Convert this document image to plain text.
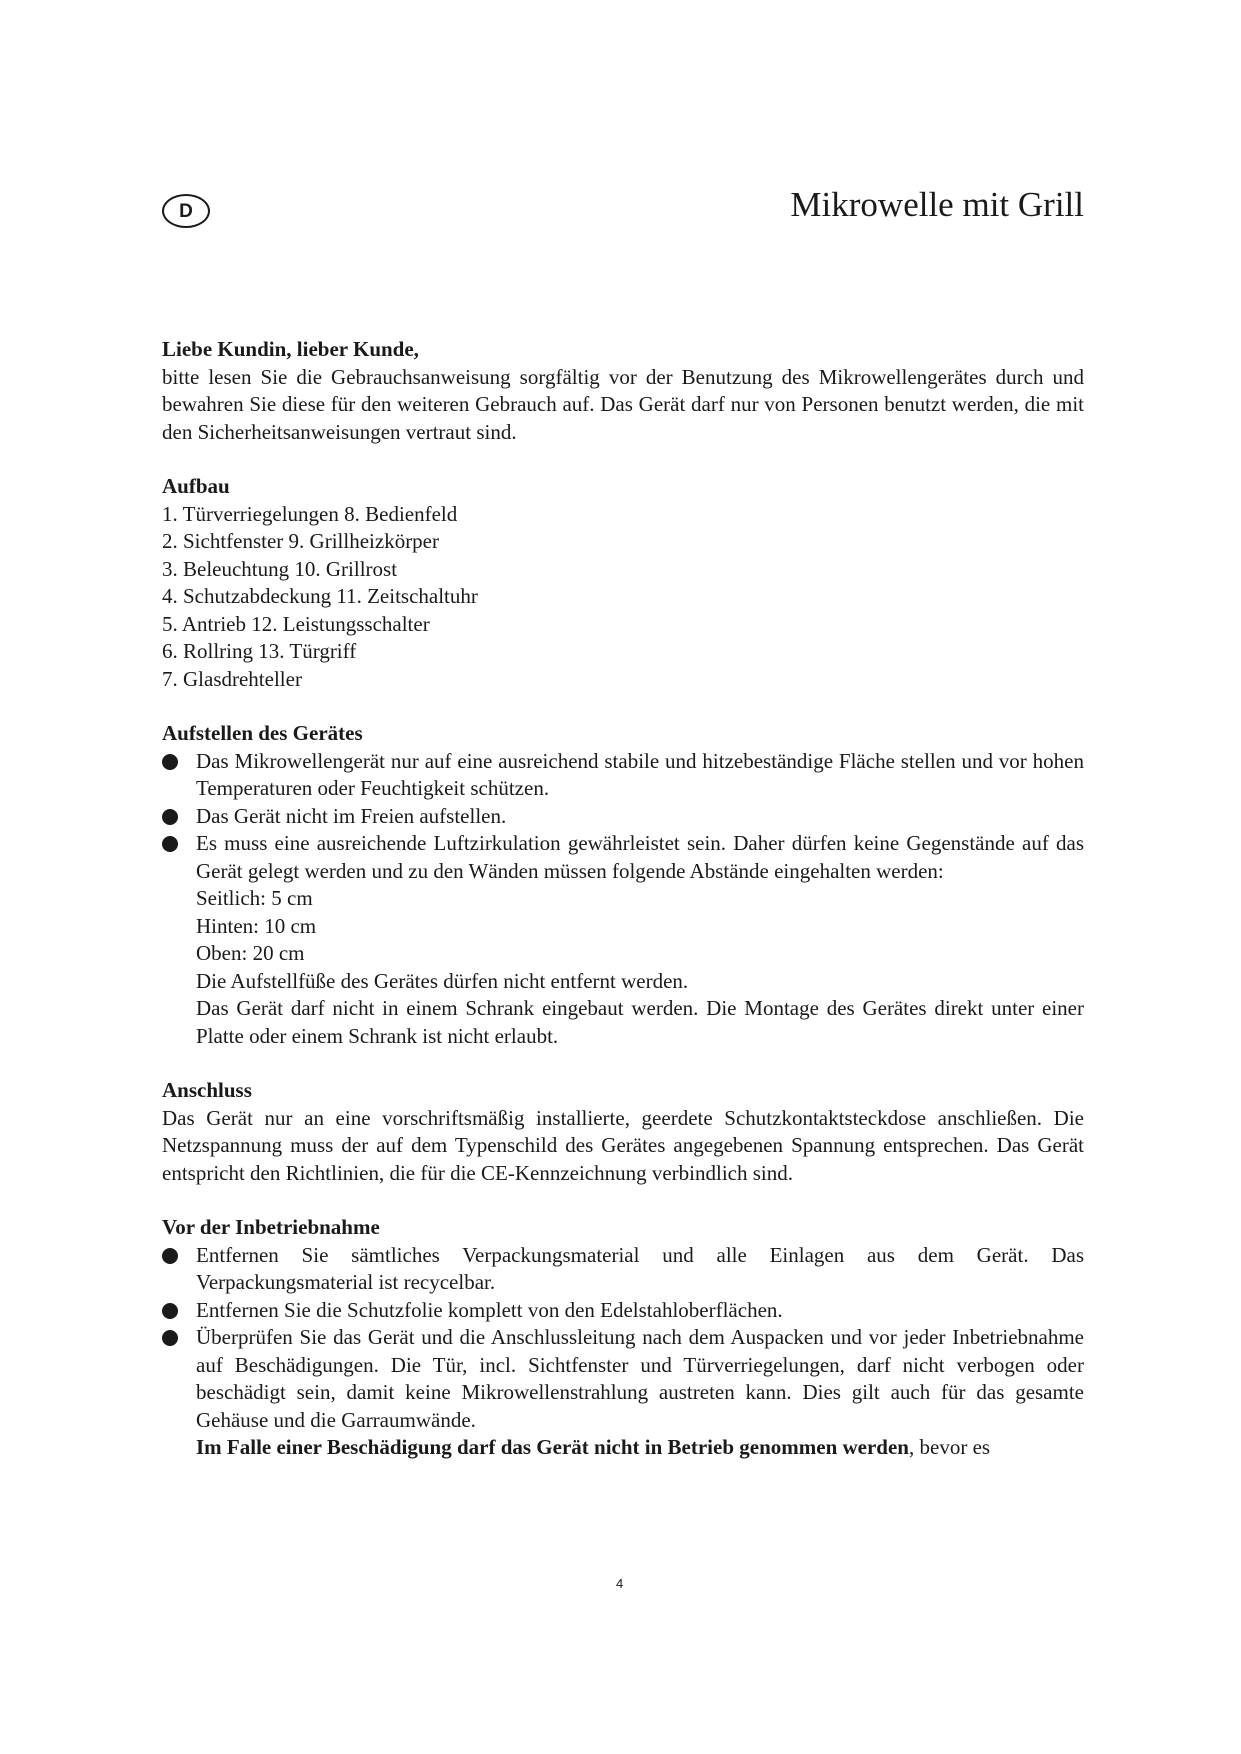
D	Mikrowelle mit Grill

Liebe Kundin, lieber Kunde,

bitte lesen Sie die Gebrauchsanweisung sorgfältig vor der Benutzung des Mikrowellengerätes durch und bewahren Sie diese für den weiteren Gebrauch auf. Das Gerät darf nur von Personen benutzt werden, die mit den Sicherheitsanweisungen vertraut sind.

Aufbau

1. Türverriegelungen 8. Bedienfeld
2. Sichtfenster 9. Grillheizkörper
3. Beleuchtung 10. Grillrost
4. Schutzabdeckung 11. Zeitschaltuhr
5. Antrieb 12. Leistungsschalter
6. Rollring 13. Türgriff
7. Glasdrehteller

Aufstellen des Gerätes

Das Mikrowellengerät nur auf eine ausreichend stabile und hitzebeständige Fläche stellen und vor hohen Temperaturen oder Feuchtigkeit schützen.
Das Gerät nicht im Freien aufstellen.
Es muss eine ausreichende Luftzirkulation gewährleistet sein. Daher dürfen keine Gegenstände auf das Gerät gelegt werden und zu den Wänden müssen folgende Abstände eingehalten werden:
Seitlich: 5 cm
Hinten: 10 cm
Oben: 20 cm
Die Aufstellfüße des Gerätes dürfen nicht entfernt werden.
Das Gerät darf nicht in einem Schrank eingebaut werden. Die Montage des Gerätes direkt unter einer Platte oder einem Schrank ist nicht erlaubt.

Anschluss

Das Gerät nur an eine vorschriftsmäßig installierte, geerdete Schutzkontaktsteckdose anschließen. Die Netzspannung muss der auf dem Typenschild des Gerätes angegebenen Spannung entsprechen. Das Gerät entspricht den Richtlinien, die für die CE-Kennzeichnung verbindlich sind.

Vor der Inbetriebnahme

Entfernen Sie sämtliches Verpackungsmaterial und alle Einlagen aus dem Gerät. Das Verpackungsmaterial ist recycelbar.
Entfernen Sie die Schutzfolie komplett von den Edelstahloberflächen.
Überprüfen Sie das Gerät und die Anschlussleitung nach dem Auspacken und vor jeder Inbetriebnahme auf Beschädigungen. Die Tür, incl. Sichtfenster und Türverriegelungen, darf nicht verbogen oder beschädigt sein, damit keine Mikrowellenstrahlung austreten kann. Dies gilt auch für das gesamte Gehäuse und die Garraumwände.
Im Falle einer Beschädigung darf das Gerät nicht in Betrieb genommen werden, bevor es
4
